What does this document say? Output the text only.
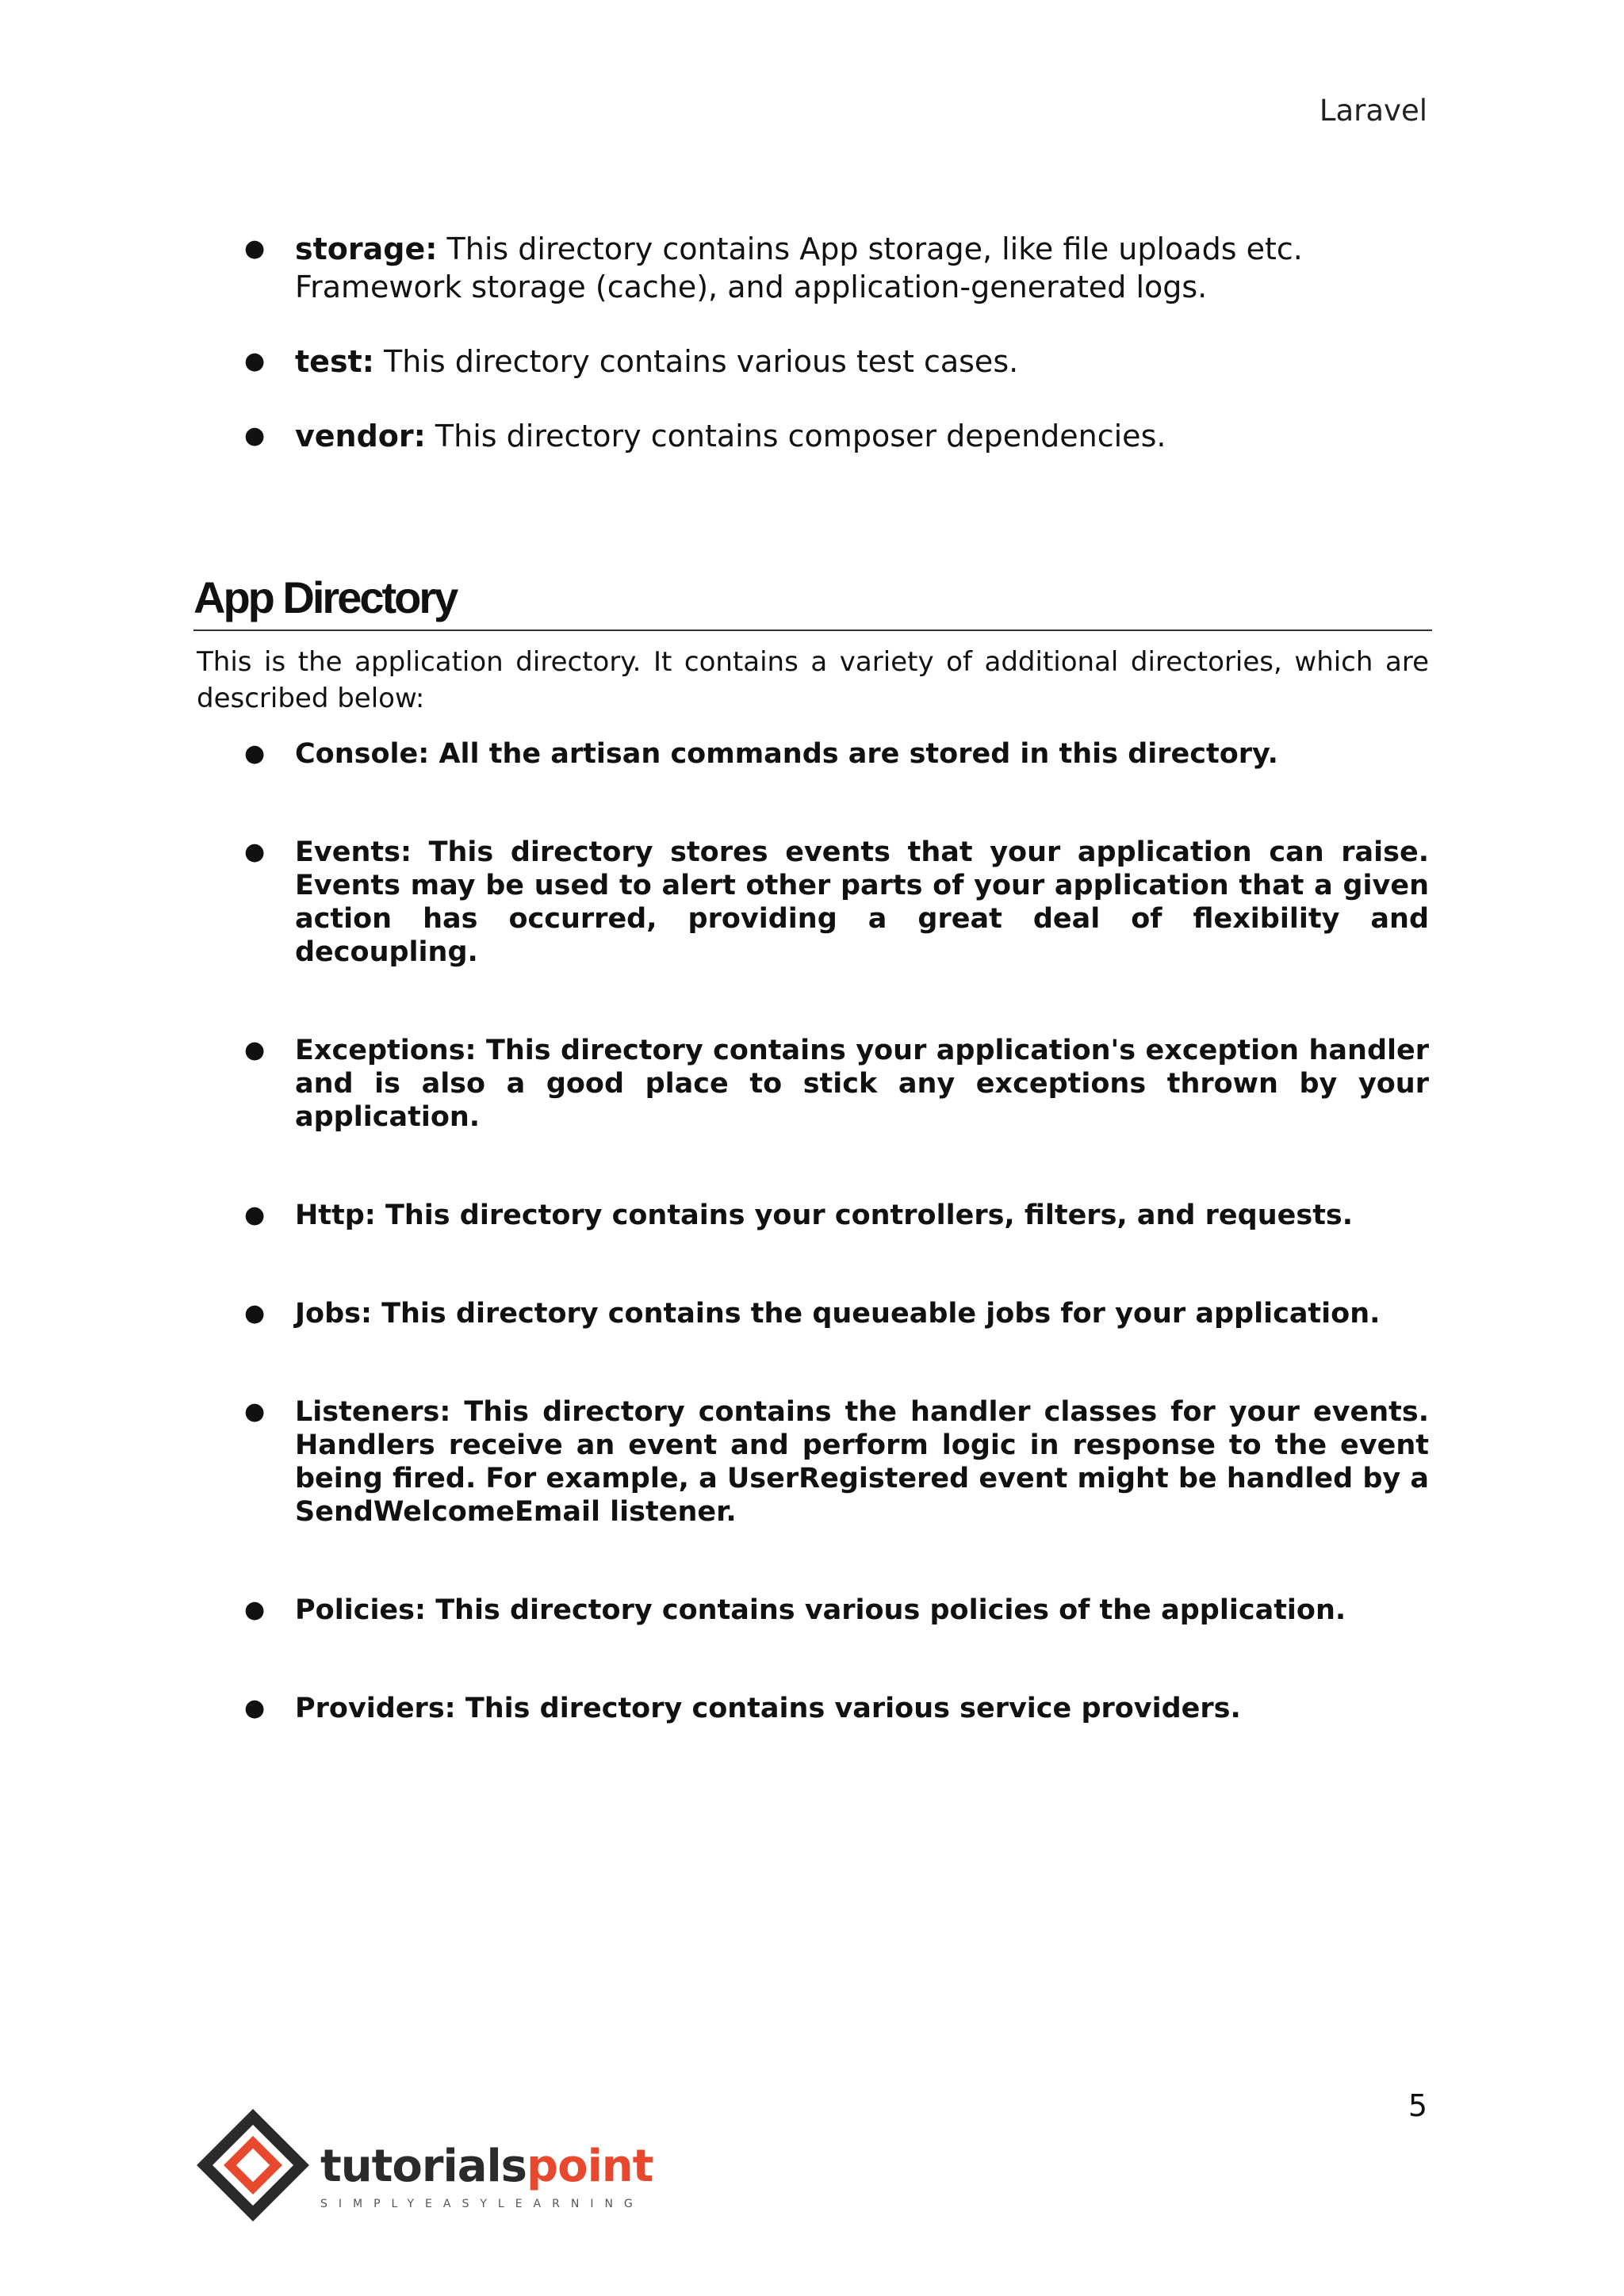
Laravel
● storage: This directory contains App storage, like file uploads etc. Framework storage (cache), and application-generated logs.
● test: This directory contains various test cases.
● vendor: This directory contains composer dependencies.
App Directory

This is the application directory. It contains a variety of additional directories, which are described below:

● Console: All the artisan commands are stored in this directory.

● Events: This directory stores events that your application can raise. Events may be used to alert other parts of your application that a given action has occurred, providing a great deal of flexibility and decoupling.

● Exceptions: This directory contains your application's exception handler and is also a good place to stick any exceptions thrown by your application.

● Http: This directory contains your controllers, filters, and requests.

● Jobs: This directory contains the queueable jobs for your application.

● Listeners: This directory contains the handler classes for your events. Handlers receive an event and perform logic in response to the event being fired. For example, a UserRegistered event might be handled by a SendWelcomeEmail listener.

● Policies: This directory contains various policies of the application.

● Providers: This directory contains various service providers.

5
tutorialspoint
SIMPLYEASYLEARNING
